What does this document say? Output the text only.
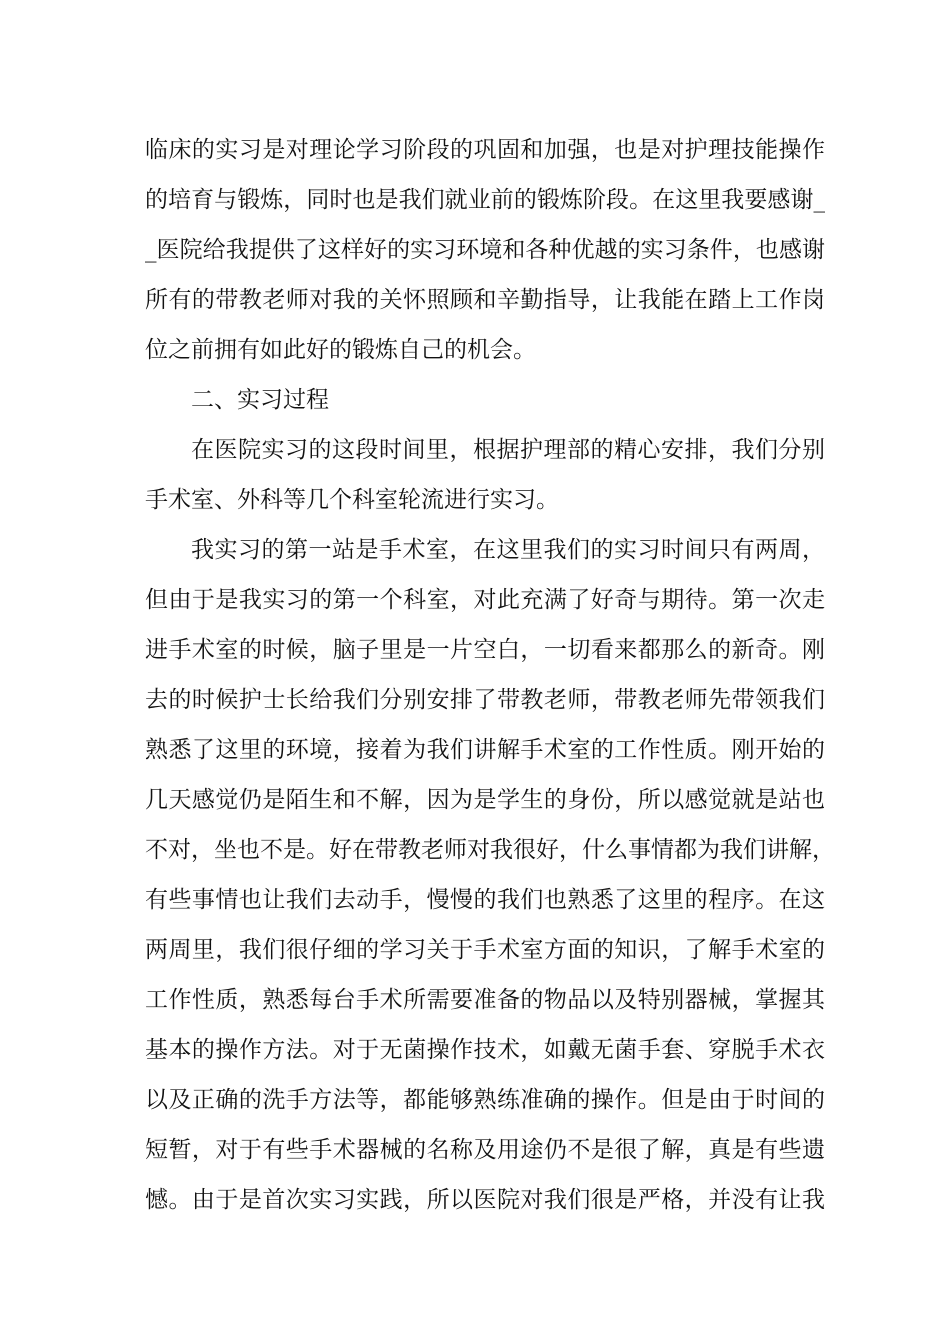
临床的实习是对理论学习阶段的巩固和加强，也是对护理技能操作
的培育与锻炼，同时也是我们就业前的锻炼阶段。在这里我要感谢_
_医院给我提供了这样好的实习环境和各种优越的实习条件，也感谢
所有的带教老师对我的关怀照顾和辛勤指导，让我能在踏上工作岗
位之前拥有如此好的锻炼自己的机会。
二、实习过程
在医院实习的这段时间里，根据护理部的精心安排，我们分别
手术室、外科等几个科室轮流进行实习。
我实习的第一站是手术室，在这里我们的实习时间只有两周，
但由于是我实习的第一个科室，对此充满了好奇与期待。第一次走
进手术室的时候，脑子里是一片空白，一切看来都那么的新奇。刚
去的时候护士长给我们分别安排了带教老师，带教老师先带领我们
熟悉了这里的环境，接着为我们讲解手术室的工作性质。刚开始的
几天感觉仍是陌生和不解，因为是学生的身份，所以感觉就是站也
不对，坐也不是。好在带教老师对我很好，什么事情都为我们讲解，
有些事情也让我们去动手，慢慢的我们也熟悉了这里的程序。在这
两周里，我们很仔细的学习关于手术室方面的知识，了解手术室的
工作性质，熟悉每台手术所需要准备的物品以及特别器械，掌握其
基本的操作方法。对于无菌操作技术，如戴无菌手套、穿脱手术衣
以及正确的洗手方法等，都能够熟练准确的操作。但是由于时间的
短暂，对于有些手术器械的名称及用途仍不是很了解，真是有些遗
憾。由于是首次实习实践，所以医院对我们很是严格，并没有让我
